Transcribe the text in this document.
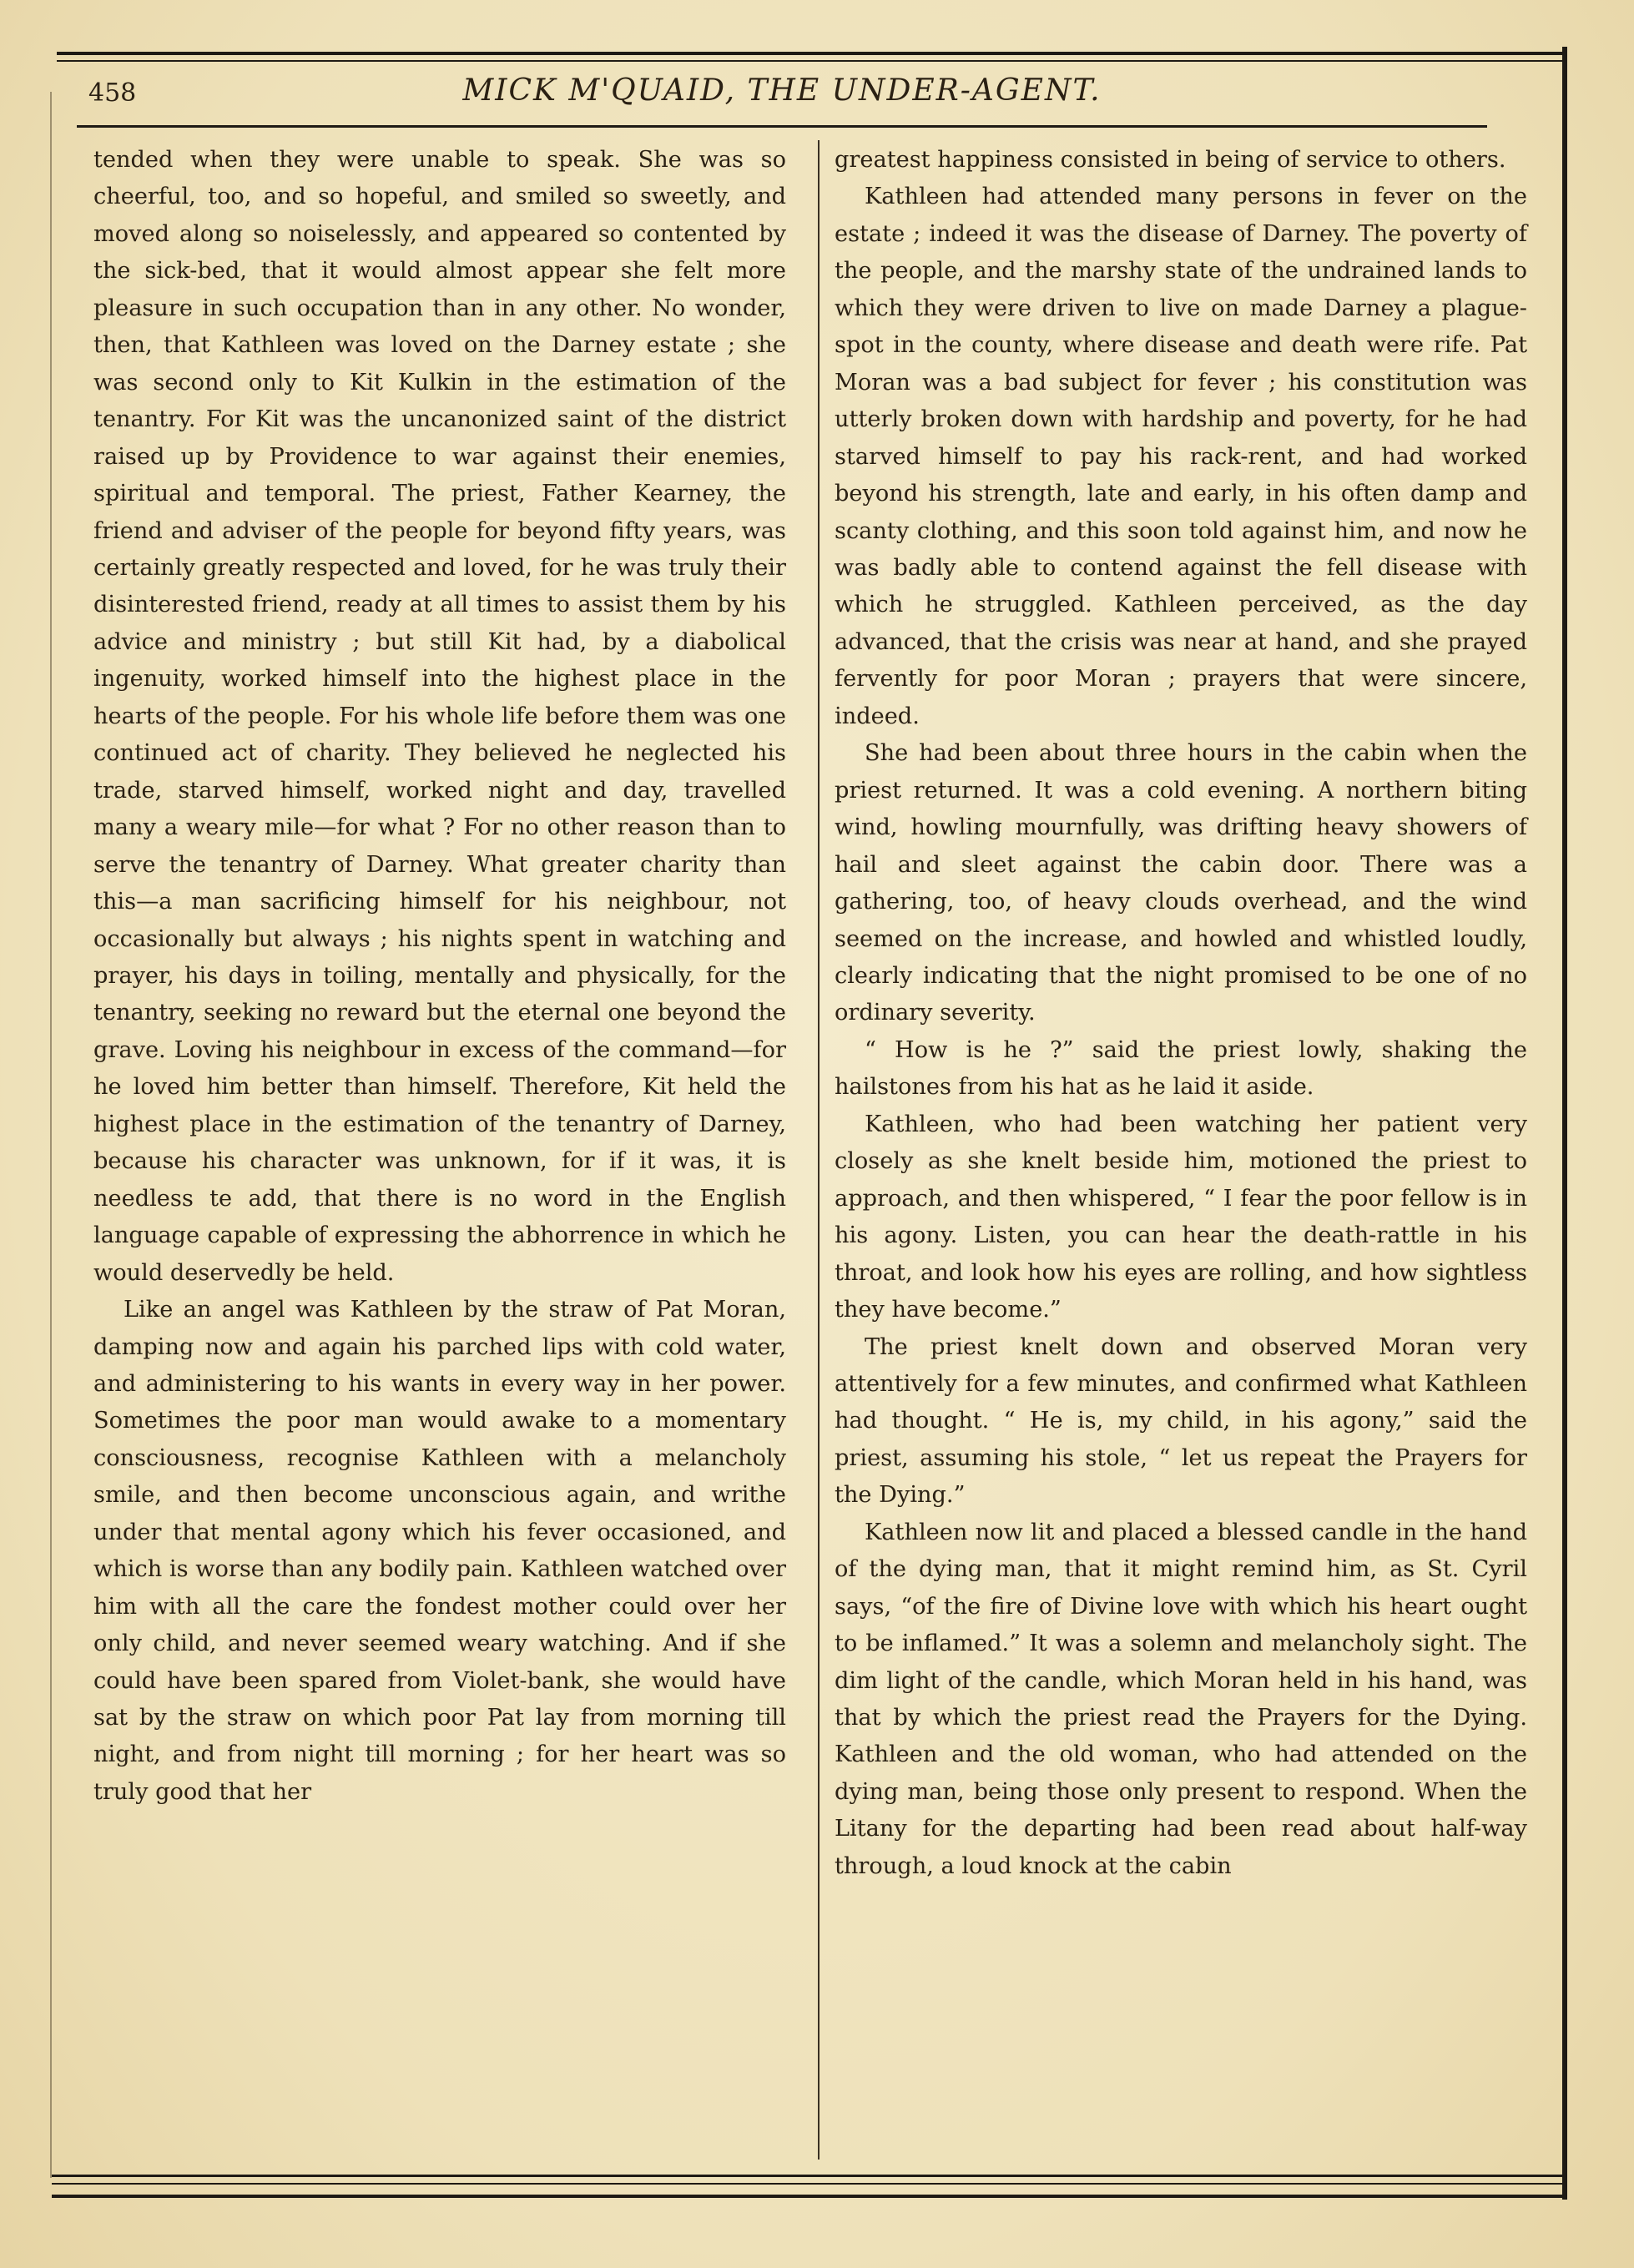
458	MICK M'QUAID, THE UNDER-AGENT.

tended when they were unable to speak. She was so cheerful, too, and so hopeful, and smiled so sweetly, and moved along so noiselessly, and appeared so contented by the sick-bed, that it would almost appear she felt more pleasure in such occupation than in any other. No wonder, then, that Kathleen was loved on the Darney estate ; she was second only to Kit Kulkin in the estimation of the tenantry. For Kit was the uncanonized saint of the district raised up by Providence to war against their enemies, spiritual and temporal. The priest, Father Kearney, the friend and adviser of the people for beyond fifty years, was certainly greatly respected and loved, for he was truly their disinterested friend, ready at all times to assist them by his advice and ministry ; but still Kit had, by a diabolical ingenuity, worked himself into the highest place in the hearts of the people. For his whole life before them was one continued act of charity. They believed he neglected his trade, starved himself, worked night and day, travelled many a weary mile—for what ? For no other reason than to serve the tenantry of Darney. What greater charity than this—a man sacrificing himself for his neighbour, not occasionally but always ; his nights spent in watching and prayer, his days in toiling, mentally and physically, for the tenantry, seeking no reward but the eternal one beyond the grave. Loving his neighbour in excess of the command—for he loved him better than himself. Therefore, Kit held the highest place in the estimation of the tenantry of Darney, because his character was unknown, for if it was, it is needless te add, that there is no word in the English language capable of expressing the abhorrence in which he would deservedly be held.

Like an angel was Kathleen by the straw of Pat Moran, damping now and again his parched lips with cold water, and administering to his wants in every way in her power. Sometimes the poor man would awake to a momentary consciousness, recognise Kathleen with a melancholy smile, and then become unconscious again, and writhe under that mental agony which his fever occasioned, and which is worse than any bodily pain. Kathleen watched over him with all the care the fondest mother could over her only child, and never seemed weary watching. And if she could have been spared from Violet-bank, she would have sat by the straw on which poor Pat lay from morning till night, and from night till morning ; for her heart was so truly good that her

greatest happiness consisted in being of service to others.

Kathleen had attended many persons in fever on the estate ; indeed it was the disease of Darney. The poverty of the people, and the marshy state of the undrained lands to which they were driven to live on made Darney a plague-spot in the county, where disease and death were rife. Pat Moran was a bad subject for fever ; his constitution was utterly broken down with hardship and poverty, for he had starved himself to pay his rack-rent, and had worked beyond his strength, late and early, in his often damp and scanty clothing, and this soon told against him, and now he was badly able to contend against the fell disease with which he struggled. Kathleen perceived, as the day advanced, that the crisis was near at hand, and she prayed fervently for poor Moran ; prayers that were sincere, indeed.

She had been about three hours in the cabin when the priest returned. It was a cold evening. A northern biting wind, howling mournfully, was drifting heavy showers of hail and sleet against the cabin door. There was a gathering, too, of heavy clouds overhead, and the wind seemed on the increase, and howled and whistled loudly, clearly indicating that the night promised to be one of no ordinary severity.

“ How is he ?” said the priest lowly, shaking the hailstones from his hat as he laid it aside.

Kathleen, who had been watching her patient very closely as she knelt beside him, motioned the priest to approach, and then whispered, “ I fear the poor fellow is in his agony. Listen, you can hear the death-rattle in his throat, and look how his eyes are rolling, and how sightless they have become.”

The priest knelt down and observed Moran very attentively for a few minutes, and confirmed what Kathleen had thought. “ He is, my child, in his agony,” said the priest, assuming his stole, “ let us repeat the Prayers for the Dying.”

Kathleen now lit and placed a blessed candle in the hand of the dying man, that it might remind him, as St. Cyril says, “of the fire of Divine love with which his heart ought to be inflamed.” It was a solemn and melancholy sight. The dim light of the candle, which Moran held in his hand, was that by which the priest read the Prayers for the Dying. Kathleen and the old woman, who had attended on the dying man, being those only present to respond. When the Litany for the departing had been read about half-way through, a loud knock at the cabin
